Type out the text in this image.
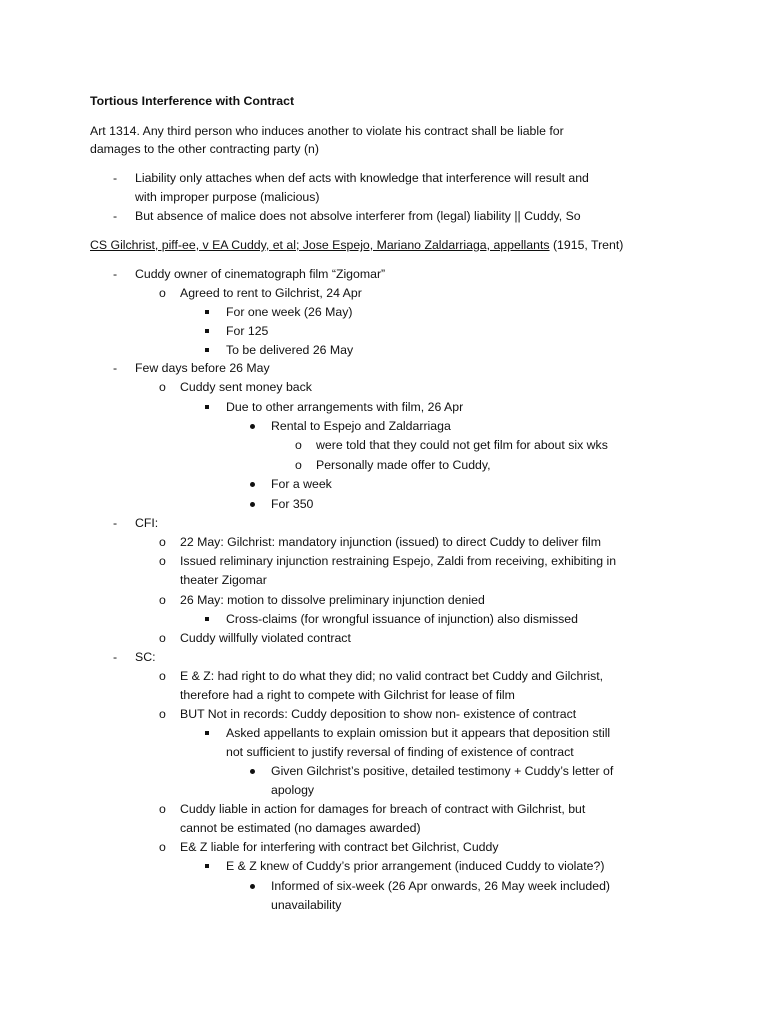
Tortious Interference with Contract
Art 1314. Any third person who induces another to violate his contract shall be liable for
damages to the other contracting party (n)
- Liability only attaches when def acts with knowledge that interference will result and
with improper purpose (malicious)
- But absence of malice does not absolve interferer from (legal) liability || Cuddy, So
CS Gilchrist, piff-ee, v EA Cuddy, et al; Jose Espejo, Mariano Zaldarriaga, appellants (1915, Trent)
- Cuddy owner of cinematograph film “Zigomar”
o Agreed to rent to Gilchrist, 24 Apr
For one week (26 May)
For 125
To be delivered 26 May
- Few days before 26 May
o Cuddy sent money back
Due to other arrangements with film, 26 Apr
Rental to Espejo and Zaldarriaga
o were told that they could not get film for about six wks
o Personally made offer to Cuddy,
For a week
For 350
- CFI:
o 22 May: Gilchrist: mandatory injunction (issued) to direct Cuddy to deliver film
o Issued reliminary injunction restraining Espejo, Zaldi from receiving, exhibiting in
theater Zigomar
o 26 May: motion to dissolve preliminary injunction denied
Cross-claims (for wrongful issuance of injunction) also dismissed
o Cuddy willfully violated contract
- SC:
o E & Z: had right to do what they did; no valid contract bet Cuddy and Gilchrist,
therefore had a right to compete with Gilchrist for lease of film
o BUT Not in records: Cuddy deposition to show non- existence of contract
Asked appellants to explain omission but it appears that deposition still
not sufficient to justify reversal of finding of existence of contract
Given Gilchrist’s positive, detailed testimony + Cuddy’s letter of
apology
o Cuddy liable in action for damages for breach of contract with Gilchrist, but
cannot be estimated (no damages awarded)
o E& Z liable for interfering with contract bet Gilchrist, Cuddy
E & Z knew of Cuddy’s prior arrangement (induced Cuddy to violate?)
Informed of six-week (26 Apr onwards, 26 May week included)
unavailability
